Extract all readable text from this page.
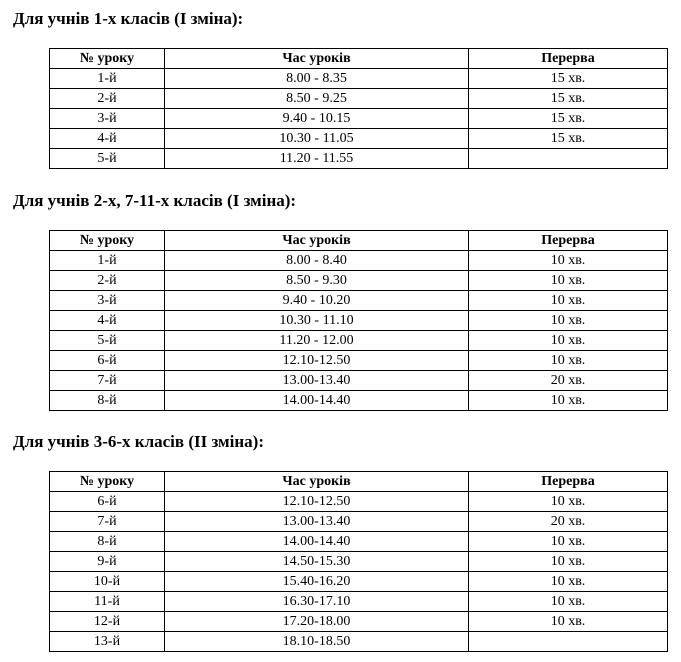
Для учнів 1-х класів (І зміна):
№ уроку	Час уроків	Перерва
1-й	8.00 - 8.35	15 хв.
2-й	8.50 - 9.25	15 хв.
3-й	9.40 - 10.15	15 хв.
4-й	10.30 - 11.05	15 хв.
5-й	11.20 - 11.55	
Для учнів 2-х, 7-11-х класів (І зміна):
№ уроку	Час уроків	Перерва
1-й	8.00 - 8.40	10 хв.
2-й	8.50 - 9.30	10 хв.
3-й	9.40 - 10.20	10 хв.
4-й	10.30 - 11.10	10 хв.
5-й	11.20 - 12.00	10 хв.
6-й	12.10-12.50	10 хв.
7-й	13.00-13.40	20 хв.
8-й	14.00-14.40	10 хв.
Для учнів 3-6-х класів (ІІ зміна):
№ уроку	Час уроків	Перерва
6-й	12.10-12.50	10 хв.
7-й	13.00-13.40	20 хв.
8-й	14.00-14.40	10 хв.
9-й	14.50-15.30	10 хв.
10-й	15.40-16.20	10 хв.
11-й	16.30-17.10	10 хв.
12-й	17.20-18.00	10 хв.
13-й	18.10-18.50	
